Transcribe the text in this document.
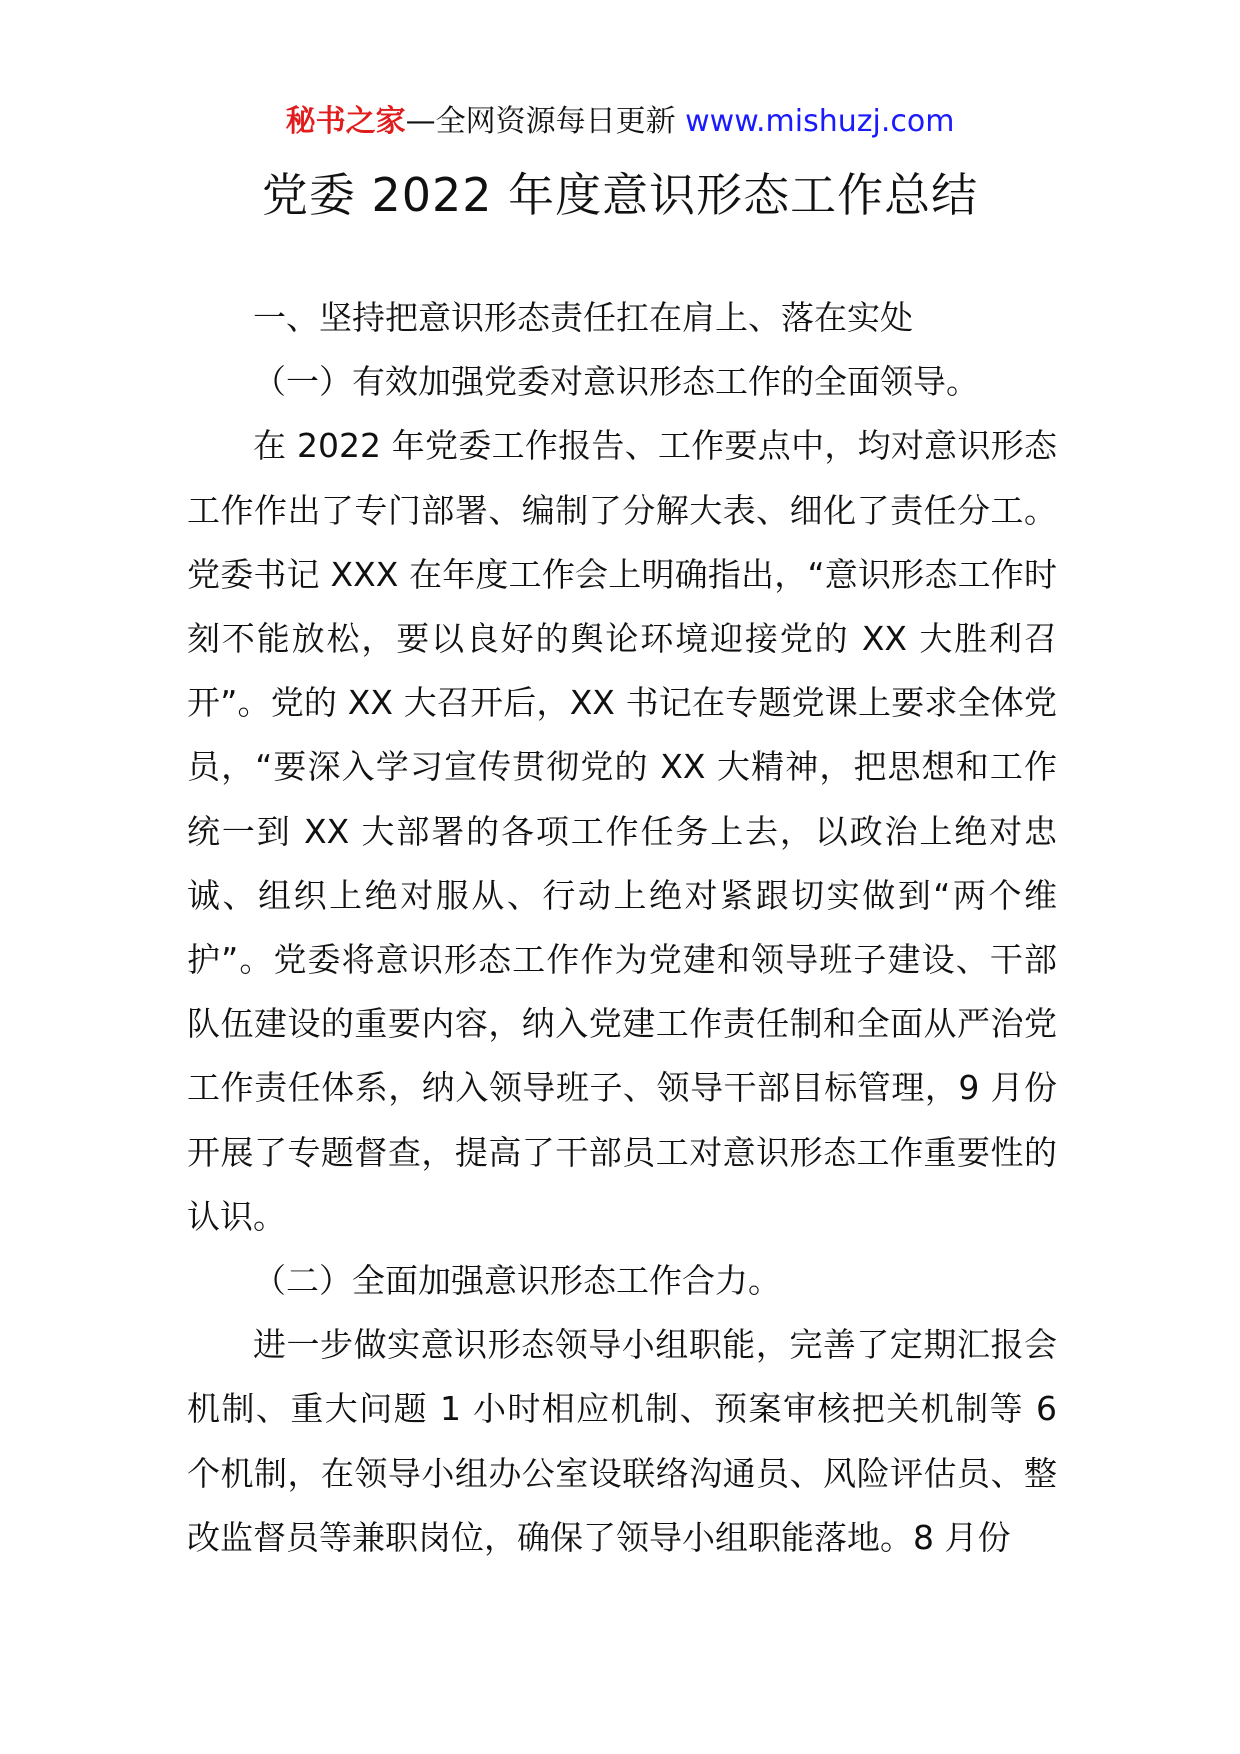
秘书之家—全网资源每日更新 www.mishuzj.com
党委 2022 年度意识形态工作总结

一、坚持把意识形态责任扛在肩上、落在实处

（一）有效加强党委对意识形态工作的全面领导。

在 2022 年党委工作报告、工作要点中，均对意识形态工作作出了专门部署、编制了分解大表、细化了责任分工。党委书记 XXX 在年度工作会上明确指出，“意识形态工作时刻不能放松，要以良好的舆论环境迎接党的 XX 大胜利召开”。党的 XX 大召开后，XX 书记在专题党课上要求全体党员，“要深入学习宣传贯彻党的 XX 大精神，把思想和工作统一到 XX 大部署的各项工作任务上去，以政治上绝对忠诚、组织上绝对服从、行动上绝对紧跟切实做到“两个维护”。党委将意识形态工作作为党建和领导班子建设、干部队伍建设的重要内容，纳入党建工作责任制和全面从严治党工作责任体系，纳入领导班子、领导干部目标管理，9 月份开展了专题督查，提高了干部员工对意识形态工作重要性的认识。

（二）全面加强意识形态工作合力。

进一步做实意识形态领导小组职能，完善了定期汇报会机制、重大问题 1 小时相应机制、预案审核把关机制等 6 个机制，在领导小组办公室设联络沟通员、风险评估员、整改监督员等兼职岗位，确保了领导小组职能落地。8 月份
